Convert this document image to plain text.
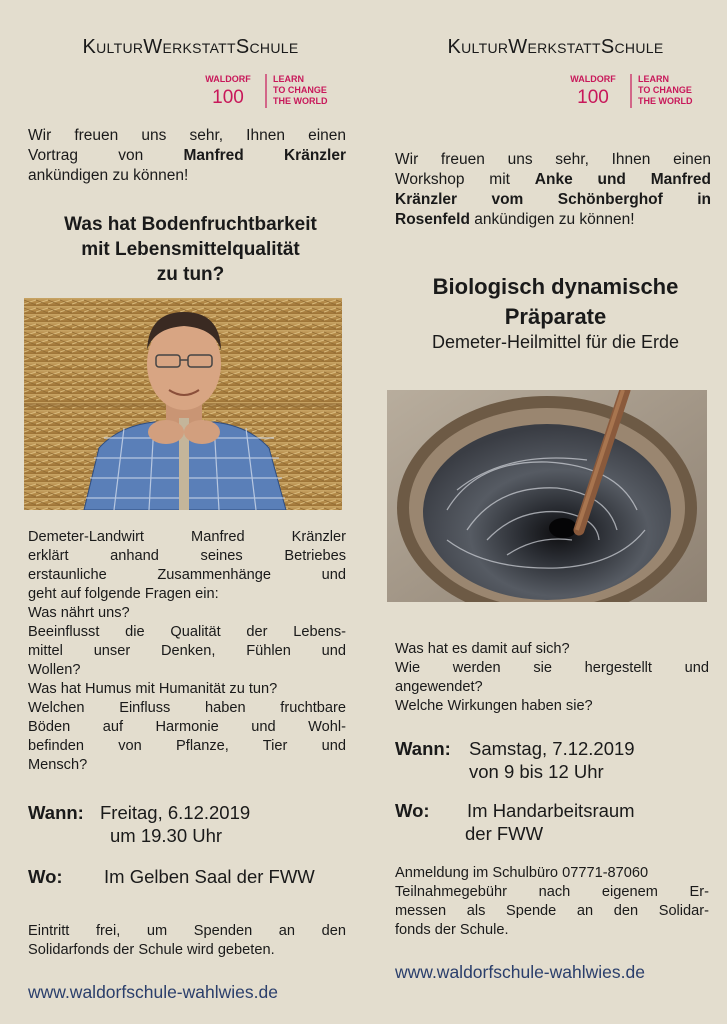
KulturWerkstattSchule
WALDORF
100
LEARN
TO CHANGE
THE WORLD
Wir freuen uns sehr, Ihnen einen
Vortrag von Manfred Kränzler
ankündigen zu können!
Was hat Bodenfruchtbarkeit
mit Lebensmittelqualität
zu tun?
Demeter-Landwirt Manfred Kränzler
erklärt anhand seines Betriebes
erstaunliche Zusammenhänge und
geht auf folgende Fragen ein:
Was nährt uns?
Beeinflusst die Qualität der Lebens-
mittel unser Denken, Fühlen und
Wollen?
Was hat Humus mit Humanität zu tun?
Welchen Einfluss haben fruchtbare
Böden auf Harmonie und Wohl-
befinden von Pflanze, Tier und
Mensch?
Wann: Freitag, 6.12.2019
um 19.30 Uhr
Wo: Im Gelben Saal der FWW
Eintritt frei, um Spenden an den
Solidarfonds der Schule wird gebeten.
www.waldorfschule-wahlwies.de
KulturWerkstattSchule
WALDORF
100
LEARN
TO CHANGE
THE WORLD
Wir freuen uns sehr, Ihnen einen
Workshop mit Anke und Manfred
Kränzler vom Schönberghof in
Rosenfeld ankündigen zu können!
Biologisch dynamische
Präparate
Demeter-Heilmittel für die Erde
Was hat es damit auf sich?
Wie werden sie hergestellt und
angewendet?
Welche Wirkungen haben sie?
Wann: Samstag, 7.12.2019
von 9 bis 12 Uhr
Wo: Im Handarbeitsraum
der FWW
Anmeldung im Schulbüro 07771-87060
Teilnahmegebühr nach eigenem Er-
messen als Spende an den Solidar-
fonds der Schule.
www.waldorfschule-wahlwies.de
